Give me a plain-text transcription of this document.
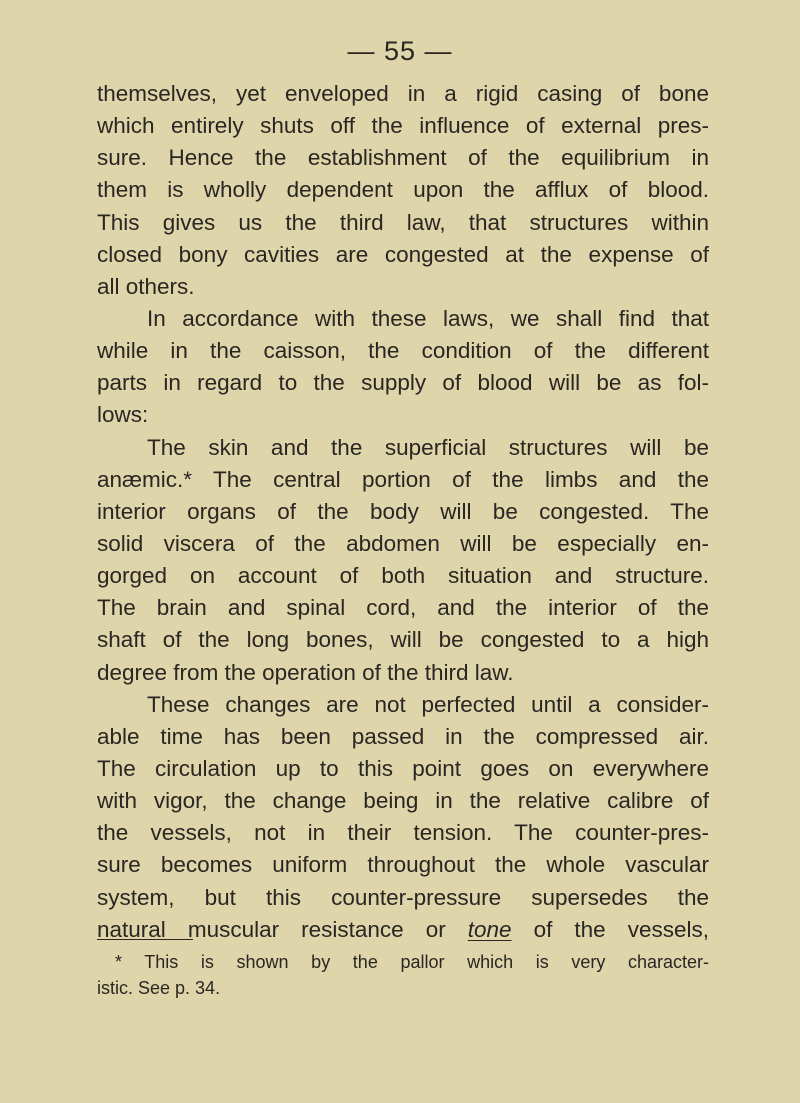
— 55 —
themselves, yet enveloped in a rigid casing of bone
which entirely shuts off the influence of external pres-
sure. Hence the establishment of the equilibrium in
them is wholly dependent upon the afflux of blood.
This gives us the third law, that structures within
closed bony cavities are congested at the expense of
all others.
In accordance with these laws, we shall find that
while in the caisson, the condition of the different
parts in regard to the supply of blood will be as fol-
lows:
The skin and the superficial structures will be
anæmic.* The central portion of the limbs and the
interior organs of the body will be congested. The
solid viscera of the abdomen will be especially en-
gorged on account of both situation and structure.
The brain and spinal cord, and the interior of the
shaft of the long bones, will be congested to a high
degree from the operation of the third law.
These changes are not perfected until a consider-
able time has been passed in the compressed air.
The circulation up to this point goes on everywhere
with vigor, the change being in the relative calibre of
the vessels, not in their tension. The counter-pres-
sure becomes uniform throughout the whole vascular
system, but this counter-pressure supersedes the
natural muscular resistance or tone of the vessels,
* This is shown by the pallor which is very character-
istic. See p. 34.
